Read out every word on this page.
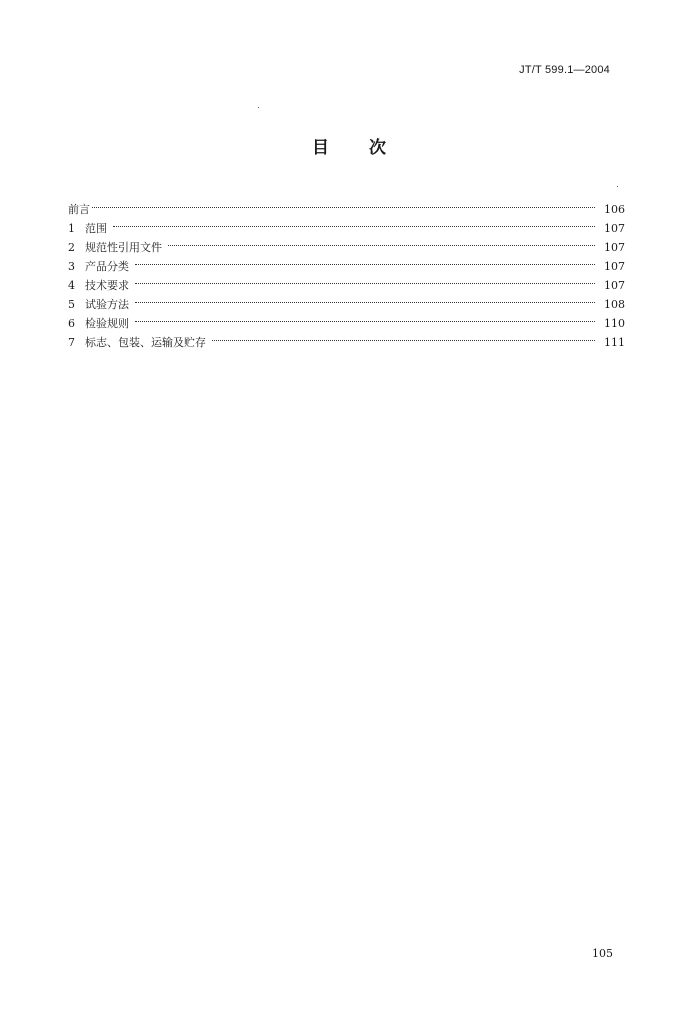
JT/T 599.1—2004
目 次
前言	106
1 范围	107
2 规范性引用文件	107
3 产品分类	107
4 技术要求	107
5 试验方法	108
6 检验规则	110
7 标志、包装、运输及贮存	111
105
